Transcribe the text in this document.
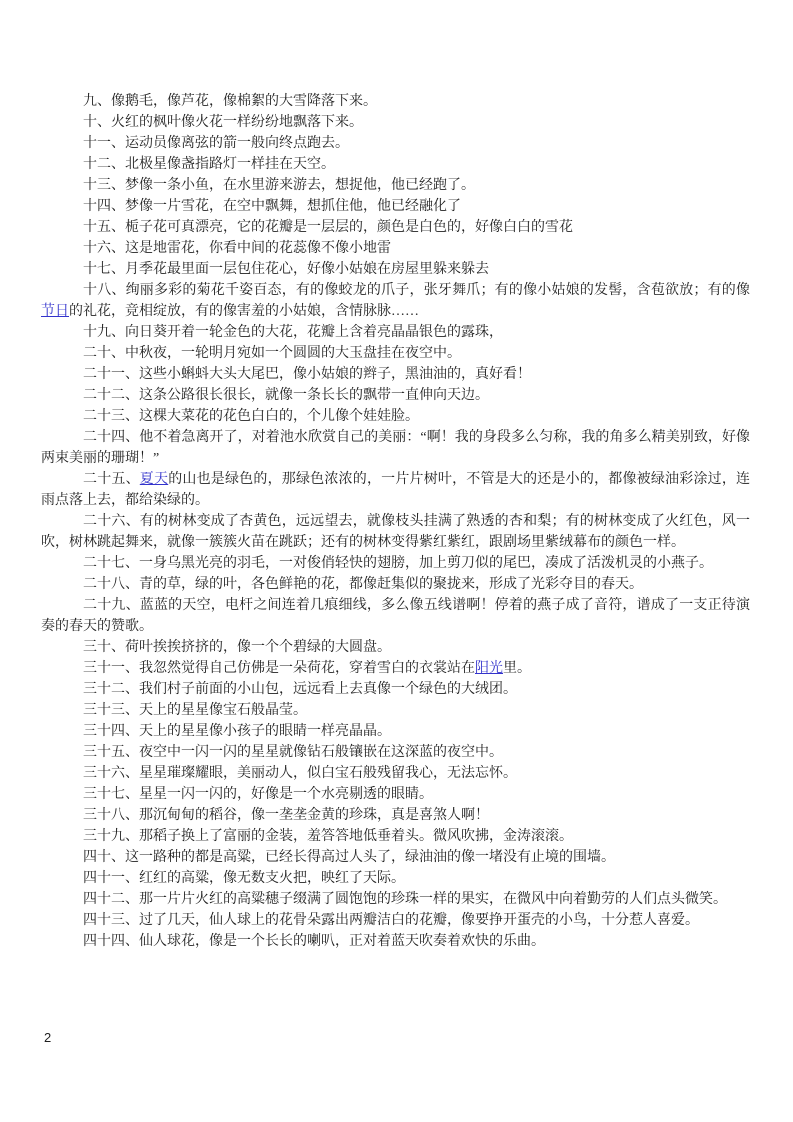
九、像鹅毛，像芦花，像棉絮的大雪降落下来。

十、火红的枫叶像火花一样纷纷地飘落下来。

十一、运动员像离弦的箭一般向终点跑去。

十二、北极星像盏指路灯一样挂在天空。

十三、梦像一条小鱼，在水里游来游去，想捉他，他已经跑了。

十四、梦像一片雪花，在空中飘舞，想抓住他，他已经融化了

十五、栀子花可真漂亮，它的花瓣是一层层的，颜色是白色的，好像白白的雪花

十六、这是地雷花，你看中间的花蕊像不像小地雷

十七、月季花最里面一层包住花心，好像小姑娘在房屋里躲来躲去

十八、绚丽多彩的菊花千姿百态，有的像蛟龙的爪子，张牙舞爪；有的像小姑娘的发髻，含苞欲放；有的像节日的礼花，竞相绽放，有的像害羞的小姑娘，含情脉脉……

十九、向日葵开着一轮金色的大花，花瓣上含着亮晶晶银色的露珠，

二十、中秋夜，一轮明月宛如一个圆圆的大玉盘挂在夜空中。

二十一、这些小蝌蚪大头大尾巴，像小姑娘的辫子，黑油油的，真好看！

二十二、这条公路很长很长，就像一条长长的飘带一直伸向天边。

二十三、这棵大菜花的花色白白的，个儿像个娃娃脸。

二十四、他不着急离开了，对着池水欣赏自己的美丽：“啊！我的身段多么匀称，我的角多么精美别致，好像两束美丽的珊瑚！”

二十五、夏天的山也是绿色的，那绿色浓浓的，一片片树叶，不管是大的还是小的，都像被绿油彩涂过，连雨点落上去，都给染绿的。

二十六、有的树林变成了杏黄色，远远望去，就像枝头挂满了熟透的杏和梨；有的树林变成了火红色，风一吹，树林跳起舞来，就像一簇簇火苗在跳跃；还有的树林变得紫红紫红，跟剧场里紫绒幕布的颜色一样。

二十七、一身乌黑光亮的羽毛，一对俊俏轻快的翅膀，加上剪刀似的尾巴，凑成了活泼机灵的小燕子。

二十八、青的草，绿的叶，各色鲜艳的花，都像赶集似的聚拢来，形成了光彩夺目的春天。

二十九、蓝蓝的天空，电杆之间连着几痕细线，多么像五线谱啊！停着的燕子成了音符，谱成了一支正待演奏的春天的赞歌。

三十、荷叶挨挨挤挤的，像一个个碧绿的大圆盘。

三十一、我忽然觉得自己仿佛是一朵荷花，穿着雪白的衣裳站在阳光里。

三十二、我们村子前面的小山包，远远看上去真像一个绿色的大绒团。

三十三、天上的星星像宝石般晶莹。

三十四、天上的星星像小孩子的眼睛一样亮晶晶。

三十五、夜空中一闪一闪的星星就像钻石般镶嵌在这深蓝的夜空中。

三十六、星星璀璨耀眼，美丽动人，似白宝石般残留我心，无法忘怀。

三十七、星星一闪一闪的，好像是一个水亮剔透的眼睛。

三十八、那沉甸甸的稻谷，像一垄垄金黄的珍珠，真是喜煞人啊！

三十九、那稻子换上了富丽的金装，羞答答地低垂着头。微风吹拂，金涛滚滚。

四十、这一路种的都是高粱，已经长得高过人头了，绿油油的像一堵没有止境的围墙。

四十一、红红的高粱，像无数支火把，映红了天际。

四十二、那一片片火红的高粱穗子缀满了圆饱饱的珍珠一样的果实，在微风中向着勤劳的人们点头微笑。

四十三、过了几天，仙人球上的花骨朵露出两瓣洁白的花瓣，像要挣开蛋壳的小鸟，十分惹人喜爱。

四十四、仙人球花，像是一个长长的喇叭，正对着蓝天吹奏着欢快的乐曲。

2
